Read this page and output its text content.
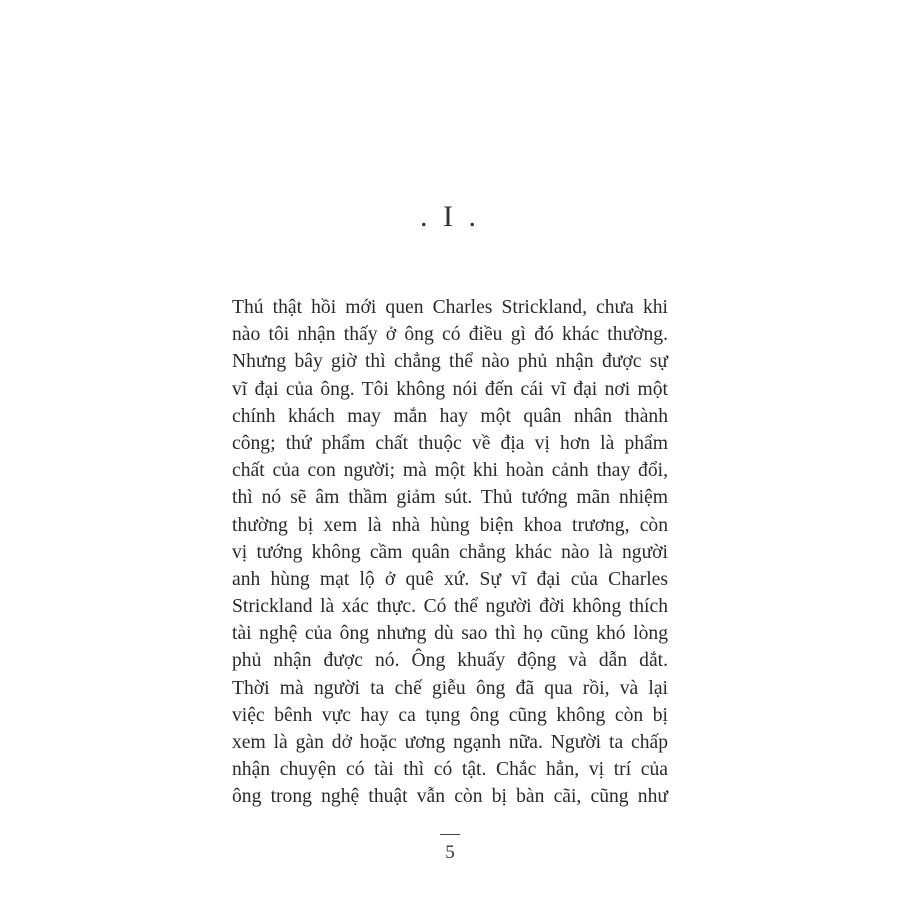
. I .
Thú thật hồi mới quen Charles Strickland, chưa khi
nào tôi nhận thấy ở ông có điều gì đó khác thường.
Nhưng bây giờ thì chẳng thể nào phủ nhận được sự
vĩ đại của ông. Tôi không nói đến cái vĩ đại nơi một
chính khách may mắn hay một quân nhân thành
công; thứ phẩm chất thuộc về địa vị hơn là phẩm
chất của con người; mà một khi hoàn cảnh thay đổi,
thì nó sẽ âm thầm giảm sút. Thủ tướng mãn nhiệm
thường bị xem là nhà hùng biện khoa trương, còn
vị tướng không cầm quân chẳng khác nào là người
anh hùng mạt lộ ở quê xứ. Sự vĩ đại của Charles
Strickland là xác thực. Có thể người đời không thích
tài nghệ của ông nhưng dù sao thì họ cũng khó lòng
phủ nhận được nó. Ông khuấy động và dẫn dắt.
Thời mà người ta chế giễu ông đã qua rồi, và lại
việc bênh vực hay ca tụng ông cũng không còn bị
xem là gàn dở hoặc ương ngạnh nữa. Người ta chấp
nhận chuyện có tài thì có tật. Chắc hẳn, vị trí của
ông trong nghệ thuật vẫn còn bị bàn cãi, cũng như
5
